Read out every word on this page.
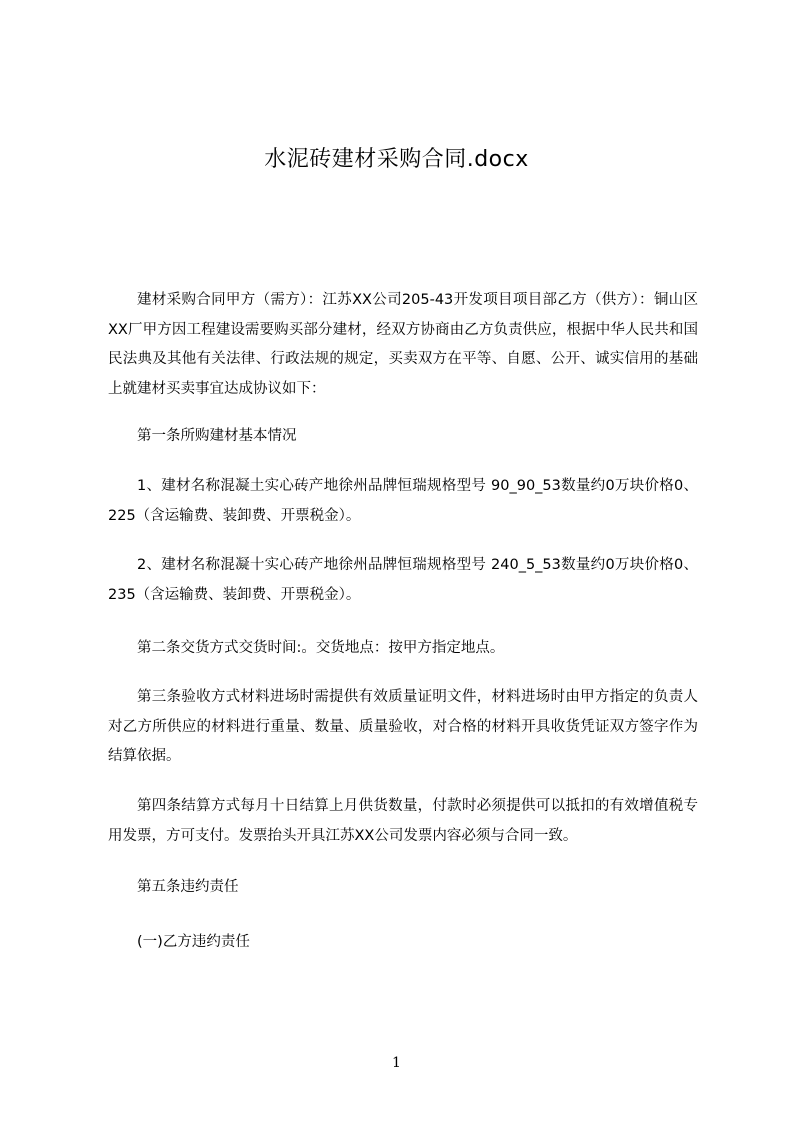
水泥砖建材采购合同.docx
建材采购合同甲方（需方）：江苏XX公司205-43开发项目项目部乙方（供方）：铜山区XX厂甲方因工程建设需要购买部分建材，经双方协商由乙方负责供应，根据中华人民共和国民法典及其他有关法律、行政法规的规定，买卖双方在平等、自愿、公开、诚实信用的基础上就建材买卖事宜达成协议如下：
第一条所购建材基本情况
1、建材名称混凝土实心砖产地徐州品牌恒瑞规格型号 90_90_53数量约0万块价格0、225（含运输费、装卸费、开票税金）。
2、建材名称混凝十实心砖产地徐州品牌恒瑞规格型号 240_5_53数量约0万块价格0、235（含运输费、装卸费、开票税金）。
第二条交货方式交货时间:。交货地点：按甲方指定地点。
第三条验收方式材料进场时需提供有效质量证明文件，材料进场时由甲方指定的负责人对乙方所供应的材料进行重量、数量、质量验收，对合格的材料开具收货凭证双方签字作为结算依据。
第四条结算方式每月十日结算上月供货数量，付款时必须提供可以抵扣的有效增值税专用发票，方可支付。发票抬头开具江苏XX公司发票内容必须与合同一致。
第五条违约责任
(一)乙方违约责任
1
